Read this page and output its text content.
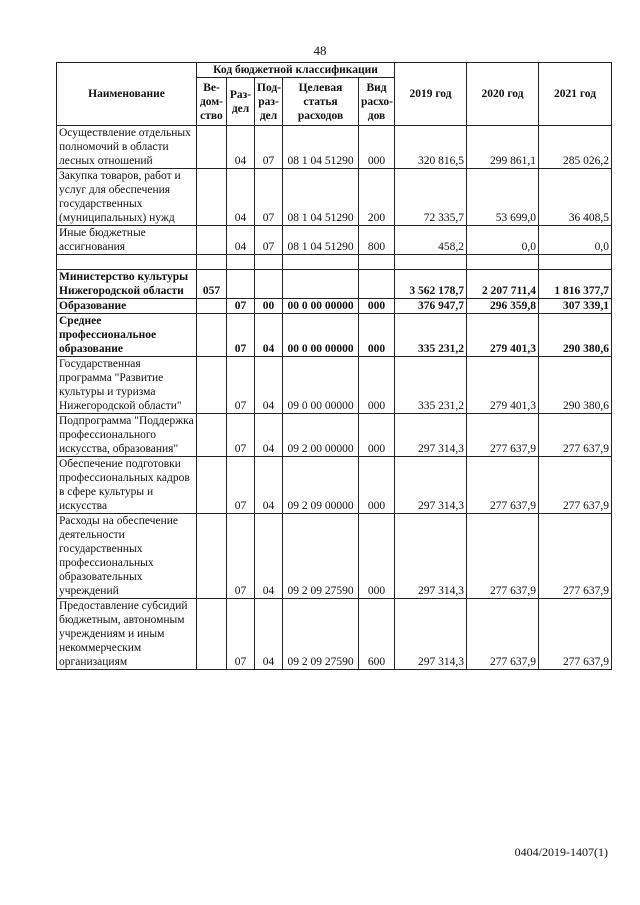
48
Наименование	Код бюджетной классификации					2019 год	2020 год	2021 год
	Ве-дом-ство	Раз-дел	Под-раз-дел	Целевая статья расходов	Вид расхо-дов			
Осуществление отдельных полномочий в области лесных отношений		04	07	08 1 04 51290	000	320 816,5	299 861,1	285 026,2
Закупка товаров, работ и услуг для обеспечения государственных (муниципальных) нужд		04	07	08 1 04 51290	200	72 335,7	53 699,0	36 408,5
Иные бюджетные ассигнования		04	07	08 1 04 51290	800	458,2	0,0	0,0

Министерство культуры Нижегородской области	057					3 562 178,7	2 207 711,4	1 816 377,7
Образование		07	00	00 0 00 00000	000	376 947,7	296 359,8	307 339,1
Среднее профессиональное образование		07	04	00 0 00 00000	000	335 231,2	279 401,3	290 380,6
Государственная программа "Развитие культуры и туризма Нижегородской области"		07	04	09 0 00 00000	000	335 231,2	279 401,3	290 380,6
Подпрограмма "Поддержка профессионального искусства, образования"		07	04	09 2 00 00000	000	297 314,3	277 637,9	277 637,9
Обеспечение подготовки профессиональных кадров в сфере культуры и искусства		07	04	09 2 09 00000	000	297 314,3	277 637,9	277 637,9
Расходы на обеспечение деятельности государственных профессиональных образовательных учреждений		07	04	09 2 09 27590	000	297 314,3	277 637,9	277 637,9
Предоставление субсидий бюджетным, автономным учреждениям и иным некоммерческим организациям		07	04	09 2 09 27590	600	297 314,3	277 637,9	277 637,9
0404/2019-1407(1)
